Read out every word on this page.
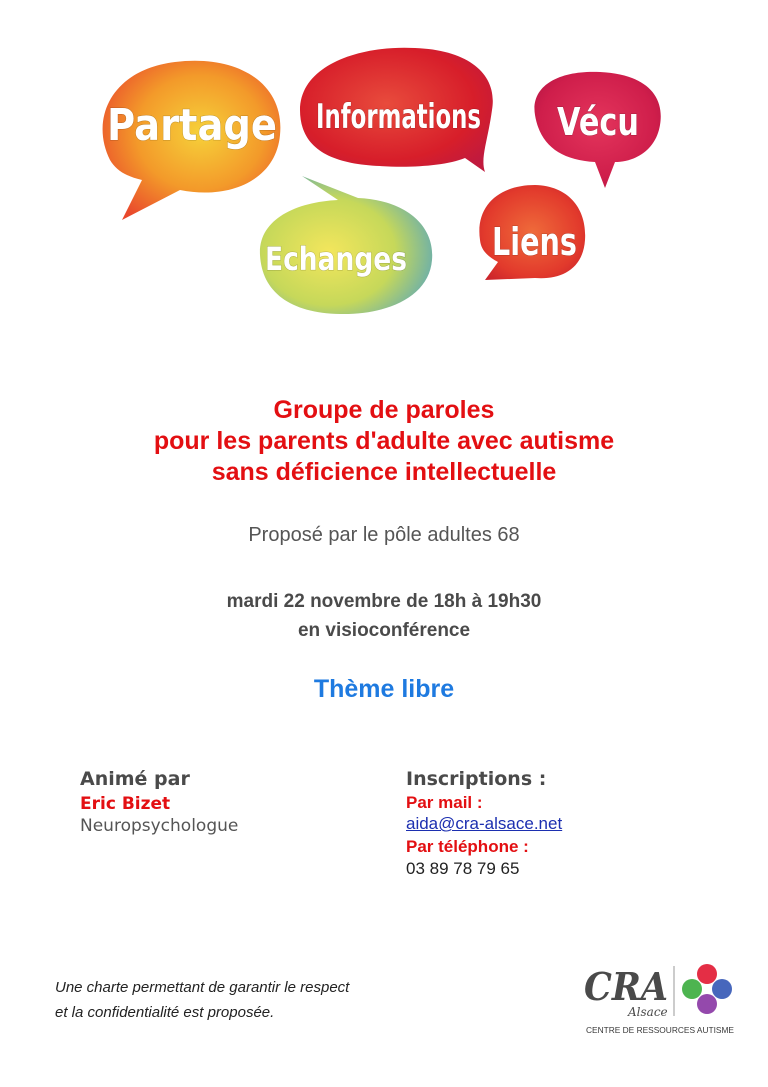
Partage Informations Vécu
Echanges Liens
Groupe de paroles
pour les parents d'adulte avec autisme
sans déficience intellectuelle
Proposé par le pôle adultes 68
mardi 22 novembre de 18h à 19h30
en visioconférence
Thème libre
Animé par
Eric Bizet
Neuropsychologue
Inscriptions :
Par mail :
aida@cra-alsace.net
Par téléphone :
03 89 78 79 65
Une charte permettant de garantir le respect
et la confidentialité est proposée.
CRA
Alsace
CENTRE DE RESSOURCES AUTISME
